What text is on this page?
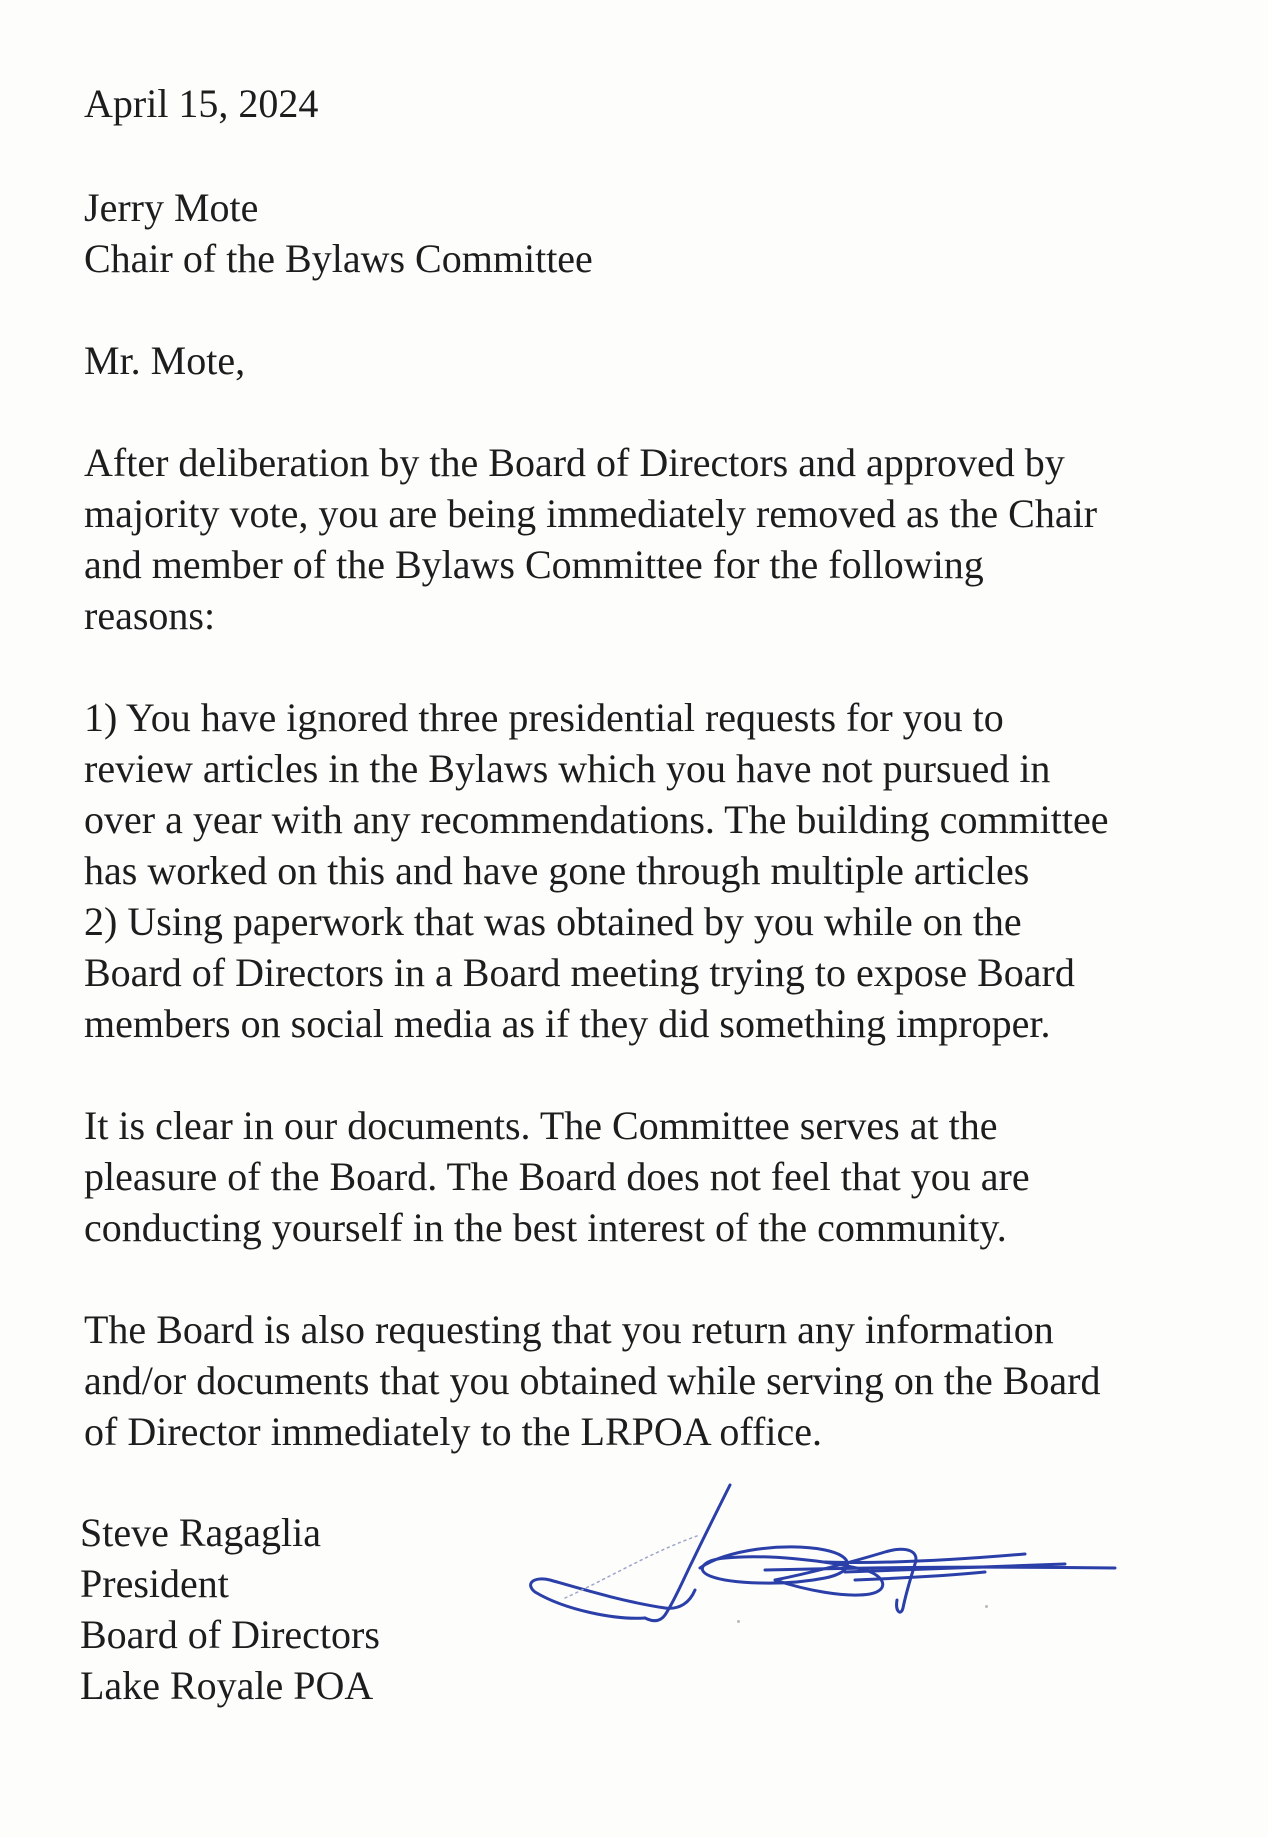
April 15, 2024
Jerry Mote
Chair of the Bylaws Committee
Mr. Mote,
After deliberation by the Board of Directors and approved by
majority vote, you are being immediately removed as the Chair
and member of the Bylaws Committee for the following
reasons:
1) You have ignored three presidential requests for you to
review articles in the Bylaws which you have not pursued in
over a year with any recommendations. The building committee
has worked on this and have gone through multiple articles
2) Using paperwork that was obtained by you while on the
Board of Directors in a Board meeting trying to expose Board
members on social media as if they did something improper.
It is clear in our documents. The Committee serves at the
pleasure of the Board. The Board does not feel that you are
conducting yourself in the best interest of the community.
The Board is also requesting that you return any information
and/or documents that you obtained while serving on the Board
of Director immediately to the LRPOA office.
Steve Ragaglia
President
Board of Directors
Lake Royale POA
